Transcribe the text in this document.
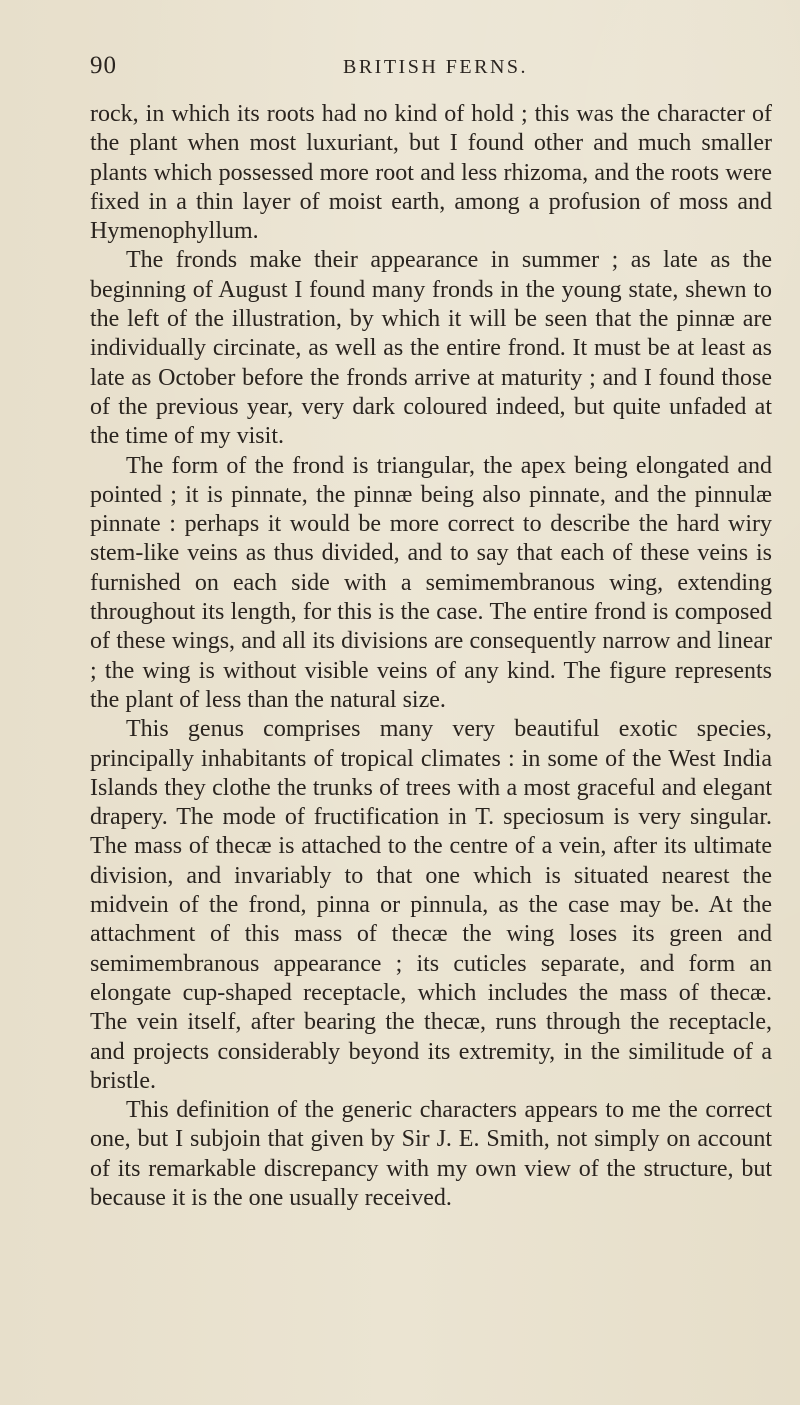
90	BRITISH FERNS.

rock, in which its roots had no kind of hold ; this was the character of the plant when most luxuriant, but I found other and much smaller plants which possessed more root and less rhizoma, and the roots were fixed in a thin layer of moist earth, among a profusion of moss and Hymenophyllum.

The fronds make their appearance in summer ; as late as the beginning of August I found many fronds in the young state, shewn to the left of the illustration, by which it will be seen that the pinnæ are individually circinate, as well as the entire frond. It must be at least as late as October before the fronds arrive at maturity ; and I found those of the previous year, very dark coloured indeed, but quite unfaded at the time of my visit.

The form of the frond is triangular, the apex being elongated and pointed ; it is pinnate, the pinnæ being also pinnate, and the pinnulæ pinnate : perhaps it would be more correct to describe the hard wiry stem-like veins as thus divided, and to say that each of these veins is furnished on each side with a semimembranous wing, extending throughout its length, for this is the case. The entire frond is composed of these wings, and all its divisions are consequently narrow and linear ; the wing is without visible veins of any kind. The figure represents the plant of less than the natural size.

This genus comprises many very beautiful exotic species, principally inhabitants of tropical climates : in some of the West India Islands they clothe the trunks of trees with a most graceful and elegant drapery. The mode of fructification in T. speciosum is very singular. The mass of thecæ is attached to the centre of a vein, after its ultimate division, and invariably to that one which is situated nearest the midvein of the frond, pinna or pinnula, as the case may be. At the attachment of this mass of thecæ the wing loses its green and semimembranous appearance ; its cuticles separate, and form an elongate cup-shaped receptacle, which includes the mass of thecæ. The vein itself, after bearing the thecæ, runs through the receptacle, and projects considerably beyond its extremity, in the similitude of a bristle.

This definition of the generic characters appears to me the correct one, but I subjoin that given by Sir J. E. Smith, not simply on account of its remarkable discrepancy with my own view of the structure, but because it is the one usually received.
